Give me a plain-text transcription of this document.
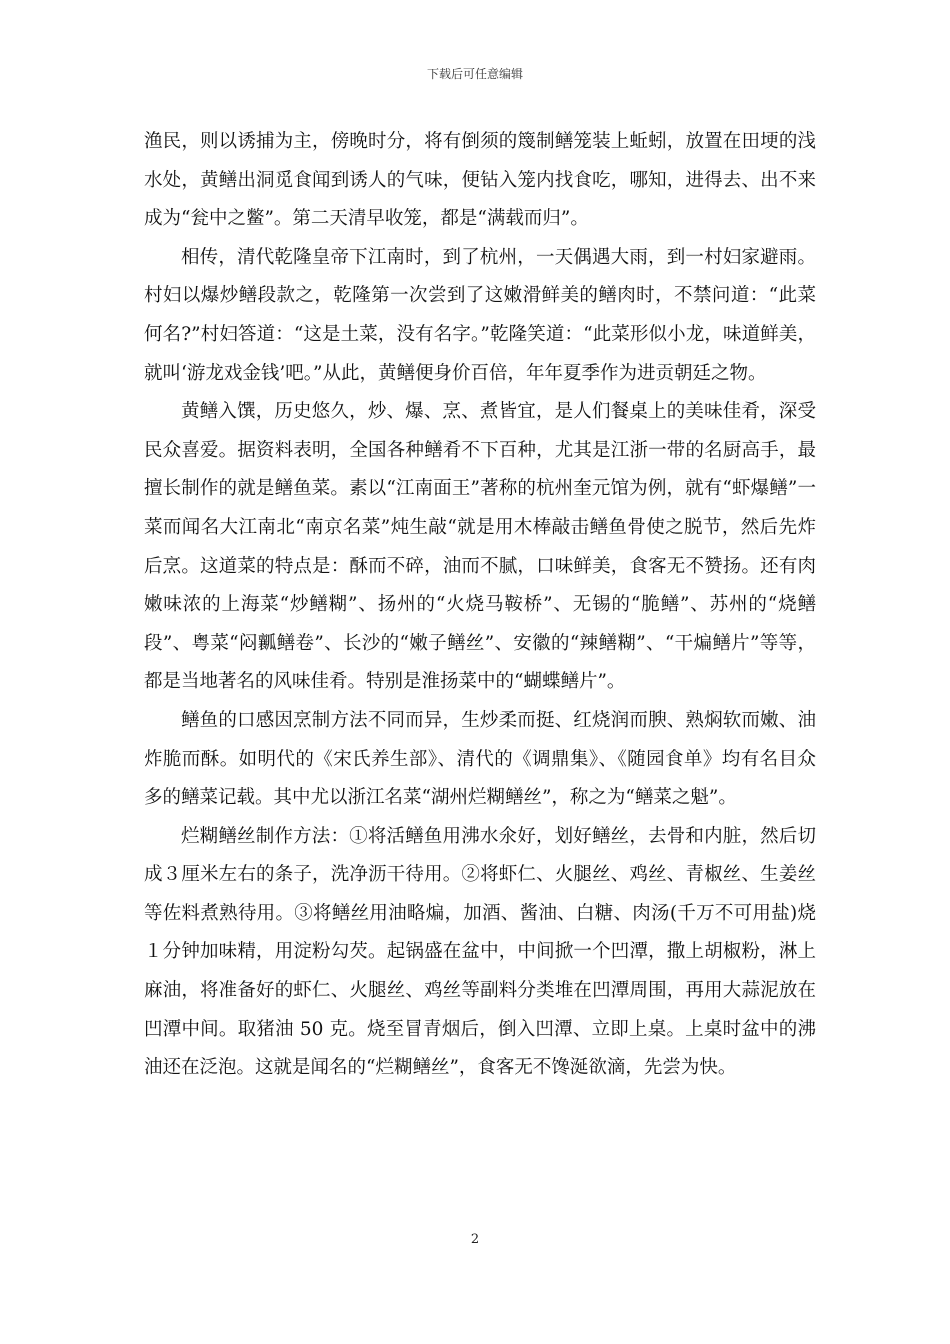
下载后可任意编辑

渔民，则以诱捕为主，傍晚时分，将有倒须的篾制鳝笼装上蚯蚓，放置在田埂的浅水处，黄鳝出洞觅食闻到诱人的气味，便钻入笼内找食吃，哪知，进得去、出不来成为“瓮中之鳖”。第二天清早收笼，都是“满载而归”。

相传，清代乾隆皇帝下江南时，到了杭州，一天偶遇大雨，到一村妇家避雨。村妇以爆炒鳝段款之，乾隆第一次尝到了这嫩滑鲜美的鳝肉时，不禁问道：“此菜何名?”村妇答道：“这是土菜，没有名字。”乾隆笑道：“此菜形似小龙，味道鲜美，就叫‘游龙戏金钱’吧。”从此，黄鳝便身价百倍，年年夏季作为进贡朝廷之物。

黄鳝入馔，历史悠久，炒、爆、烹、煮皆宜，是人们餐桌上的美味佳肴，深受民众喜爱。据资料表明，全国各种鳝肴不下百种，尤其是江浙一带的名厨高手，最擅长制作的就是鳝鱼菜。素以“江南面王”著称的杭州奎元馆为例，就有“虾爆鳝”一菜而闻名大江南北“南京名菜”炖生敲“就是用木棒敲击鳝鱼骨使之脱节，然后先炸后烹。这道菜的特点是：酥而不碎，油而不腻，口味鲜美，食客无不赞扬。还有肉嫩味浓的上海菜“炒鳝糊”、扬州的“火烧马鞍桥”、无锡的“脆鳝”、苏州的“烧鳝段”、粤菜“闷瓤鳝卷”、长沙的“嫩子鳝丝”、安徽的“辣鳝糊”、“干煸鳝片”等等，都是当地著名的风味佳肴。特别是淮扬菜中的“蝴蝶鳝片”。

鳝鱼的口感因烹制方法不同而异，生炒柔而挺、红烧润而腴、熟焖软而嫩、油炸脆而酥。如明代的《宋氏养生部》、清代的《调鼎集》、《随园食单》均有名目众多的鳝菜记载。其中尤以浙江名菜“湖州烂糊鳝丝”，称之为“鳝菜之魁”。

烂糊鳝丝制作方法：①将活鳝鱼用沸水氽好，划好鳝丝，去骨和内脏，然后切成３厘米左右的条子，洗净沥干待用。②将虾仁、火腿丝、鸡丝、青椒丝、生姜丝等佐料煮熟待用。③将鳝丝用油略煸，加酒、酱油、白糖、肉汤(千万不可用盐)烧１分钟加味精，用淀粉勾芡。起锅盛在盆中，中间掀一个凹潭，撒上胡椒粉，淋上麻油，将准备好的虾仁、火腿丝、鸡丝等副料分类堆在凹潭周围，再用大蒜泥放在凹潭中间。取猪油 50 克。烧至冒青烟后，倒入凹潭、立即上桌。上桌时盆中的沸油还在泛泡。这就是闻名的“烂糊鳝丝”，食客无不馋涎欲滴，先尝为快。

2
